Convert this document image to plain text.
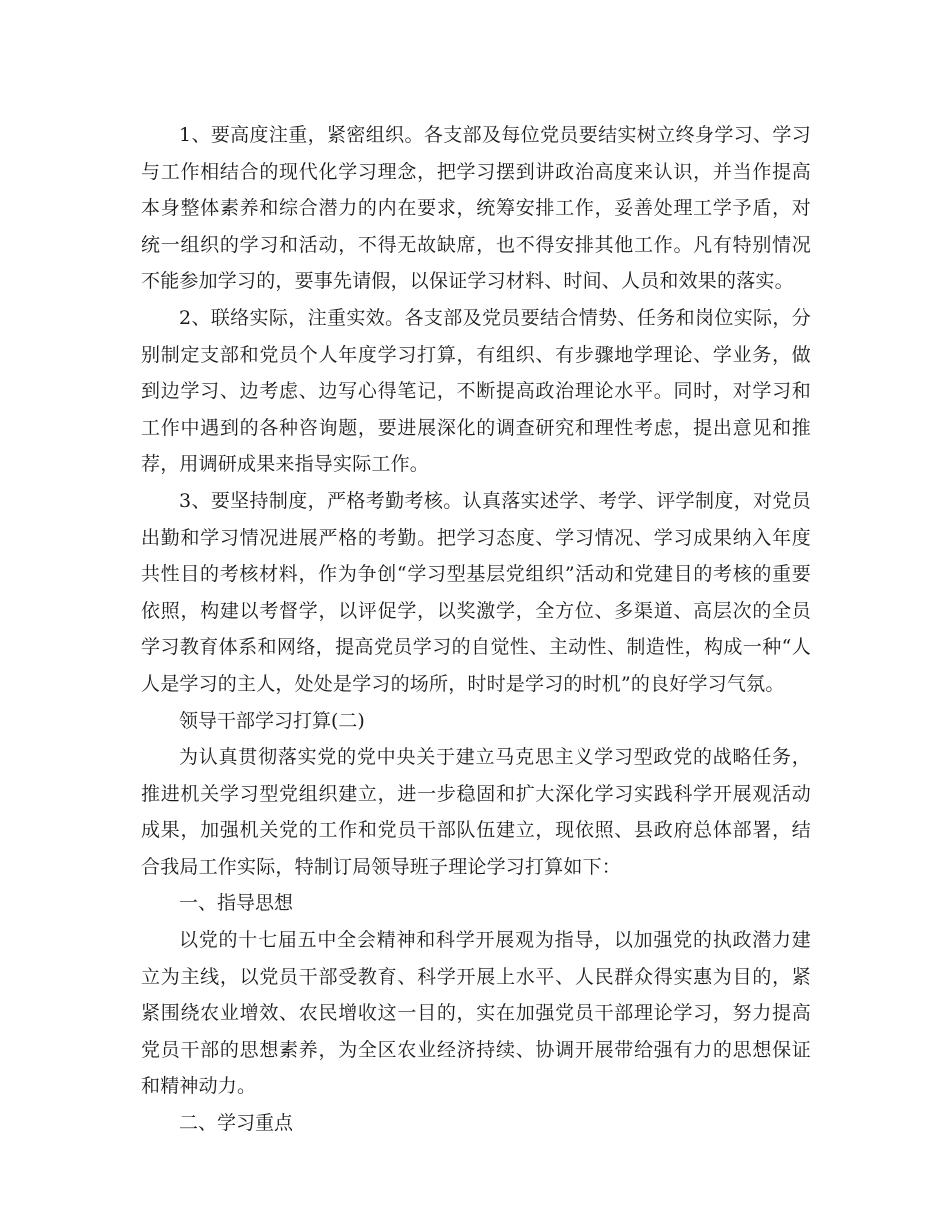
1、要高度注重，紧密组织。各支部及每位党员要结实树立终身学习、学习与工作相结合的现代化学习理念，把学习摆到讲政治高度来认识，并当作提高本身整体素养和综合潜力的内在要求，统筹安排工作，妥善处理工学予盾，对统一组织的学习和活动，不得无故缺席，也不得安排其他工作。凡有特别情况不能参加学习的，要事先请假，以保证学习材料、时间、人员和效果的落实。

2、联络实际，注重实效。各支部及党员要结合情势、任务和岗位实际，分别制定支部和党员个人年度学习打算，有组织、有步骤地学理论、学业务，做到边学习、边考虑、边写心得笔记，不断提高政治理论水平。同时，对学习和工作中遇到的各种咨询题，要进展深化的调查研究和理性考虑，提出意见和推荐，用调研成果来指导实际工作。

3、要坚持制度，严格考勤考核。认真落实述学、考学、评学制度，对党员出勤和学习情况进展严格的考勤。把学习态度、学习情况、学习成果纳入年度共性目的考核材料，作为争创“学习型基层党组织”活动和党建目的考核的重要依照，构建以考督学，以评促学，以奖激学，全方位、多渠道、高层次的全员学习教育体系和网络，提高党员学习的自觉性、主动性、制造性，构成一种“人人是学习的主人，处处是学习的场所，时时是学习的时机”的良好学习气氛。

领导干部学习打算(二)

为认真贯彻落实党的党中央关于建立马克思主义学习型政党的战略任务，推进机关学习型党组织建立，进一步稳固和扩大深化学习实践科学开展观活动成果，加强机关党的工作和党员干部队伍建立，现依照、县政府总体部署，结合我局工作实际，特制订局领导班子理论学习打算如下：

一、指导思想

以党的十七届五中全会精神和科学开展观为指导，以加强党的执政潜力建立为主线，以党员干部受教育、科学开展上水平、人民群众得实惠为目的，紧紧围绕农业增效、农民增收这一目的，实在加强党员干部理论学习，努力提高党员干部的思想素养，为全区农业经济持续、协调开展带给强有力的思想保证和精神动力。

二、学习重点
